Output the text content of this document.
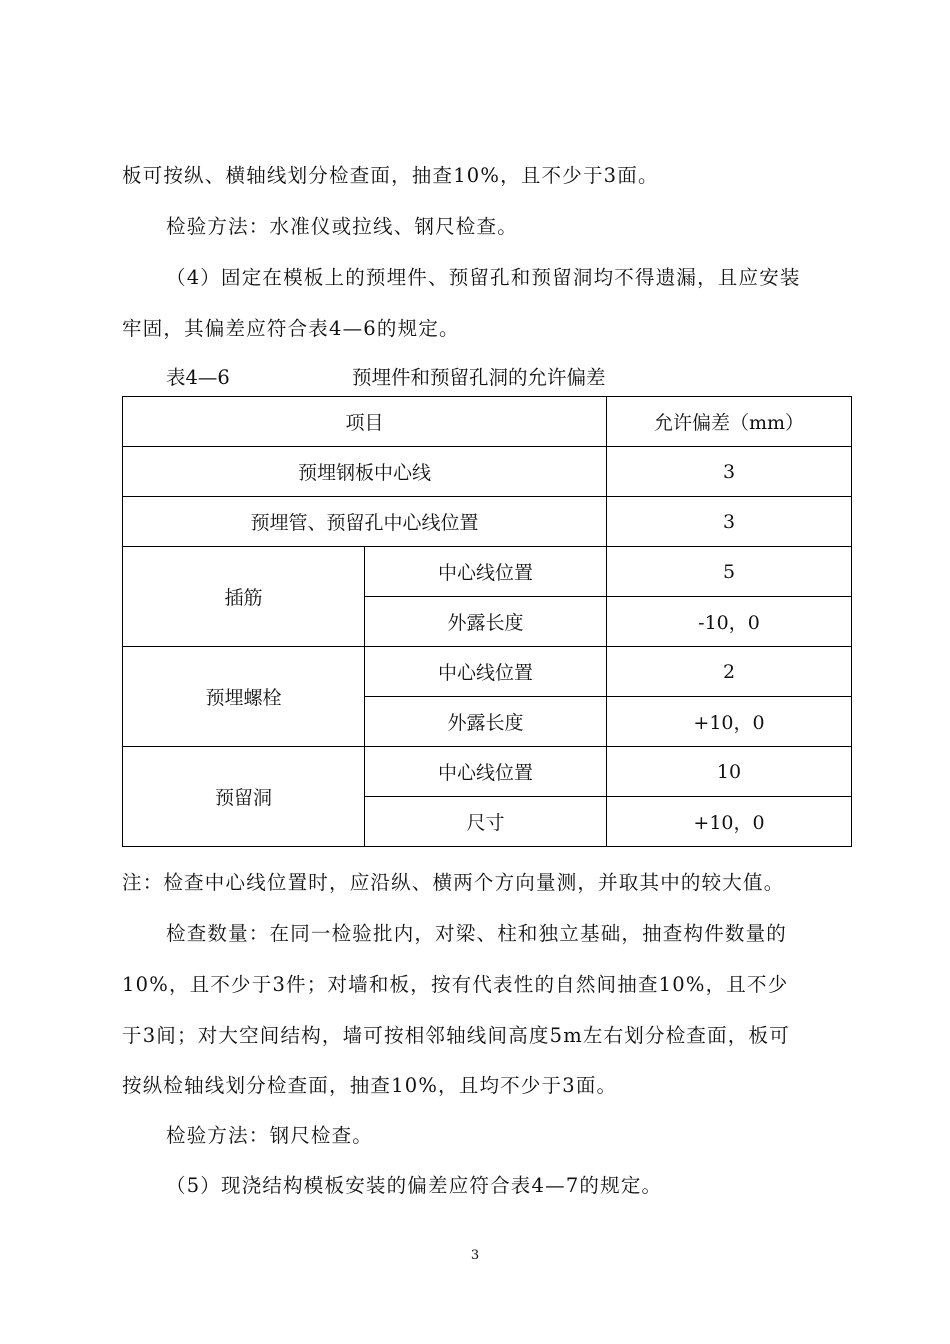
板可按纵、横轴线划分检查面，抽查10%，且不少于3面。
检验方法：水准仪或拉线、钢尺检查。
（4）固定在模板上的预埋件、预留孔和预留洞均不得遗漏，且应安装
牢固，其偏差应符合表4—6的规定。
表4—6	预埋件和预留孔洞的允许偏差
项目		允许偏差（mm）
预埋钢板中心线		3
预埋管、预留孔中心线位置		3
插筋	中心线位置	5
	外露长度	-10，0
预埋螺栓	中心线位置	2
	外露长度	+10，0
预留洞	中心线位置	10
	尺寸	+10，0
注：检查中心线位置时，应沿纵、横两个方向量测，并取其中的较大值。
检查数量：在同一检验批内，对梁、柱和独立基础，抽查构件数量的
10%，且不少于3件；对墙和板，按有代表性的自然间抽查10%，且不少
于3间；对大空间结构，墙可按相邻轴线间高度5m左右划分检查面，板可
按纵检轴线划分检查面，抽查10%，且均不少于3面。
检验方法：钢尺检查。
（5）现浇结构模板安装的偏差应符合表4—7的规定。
3
